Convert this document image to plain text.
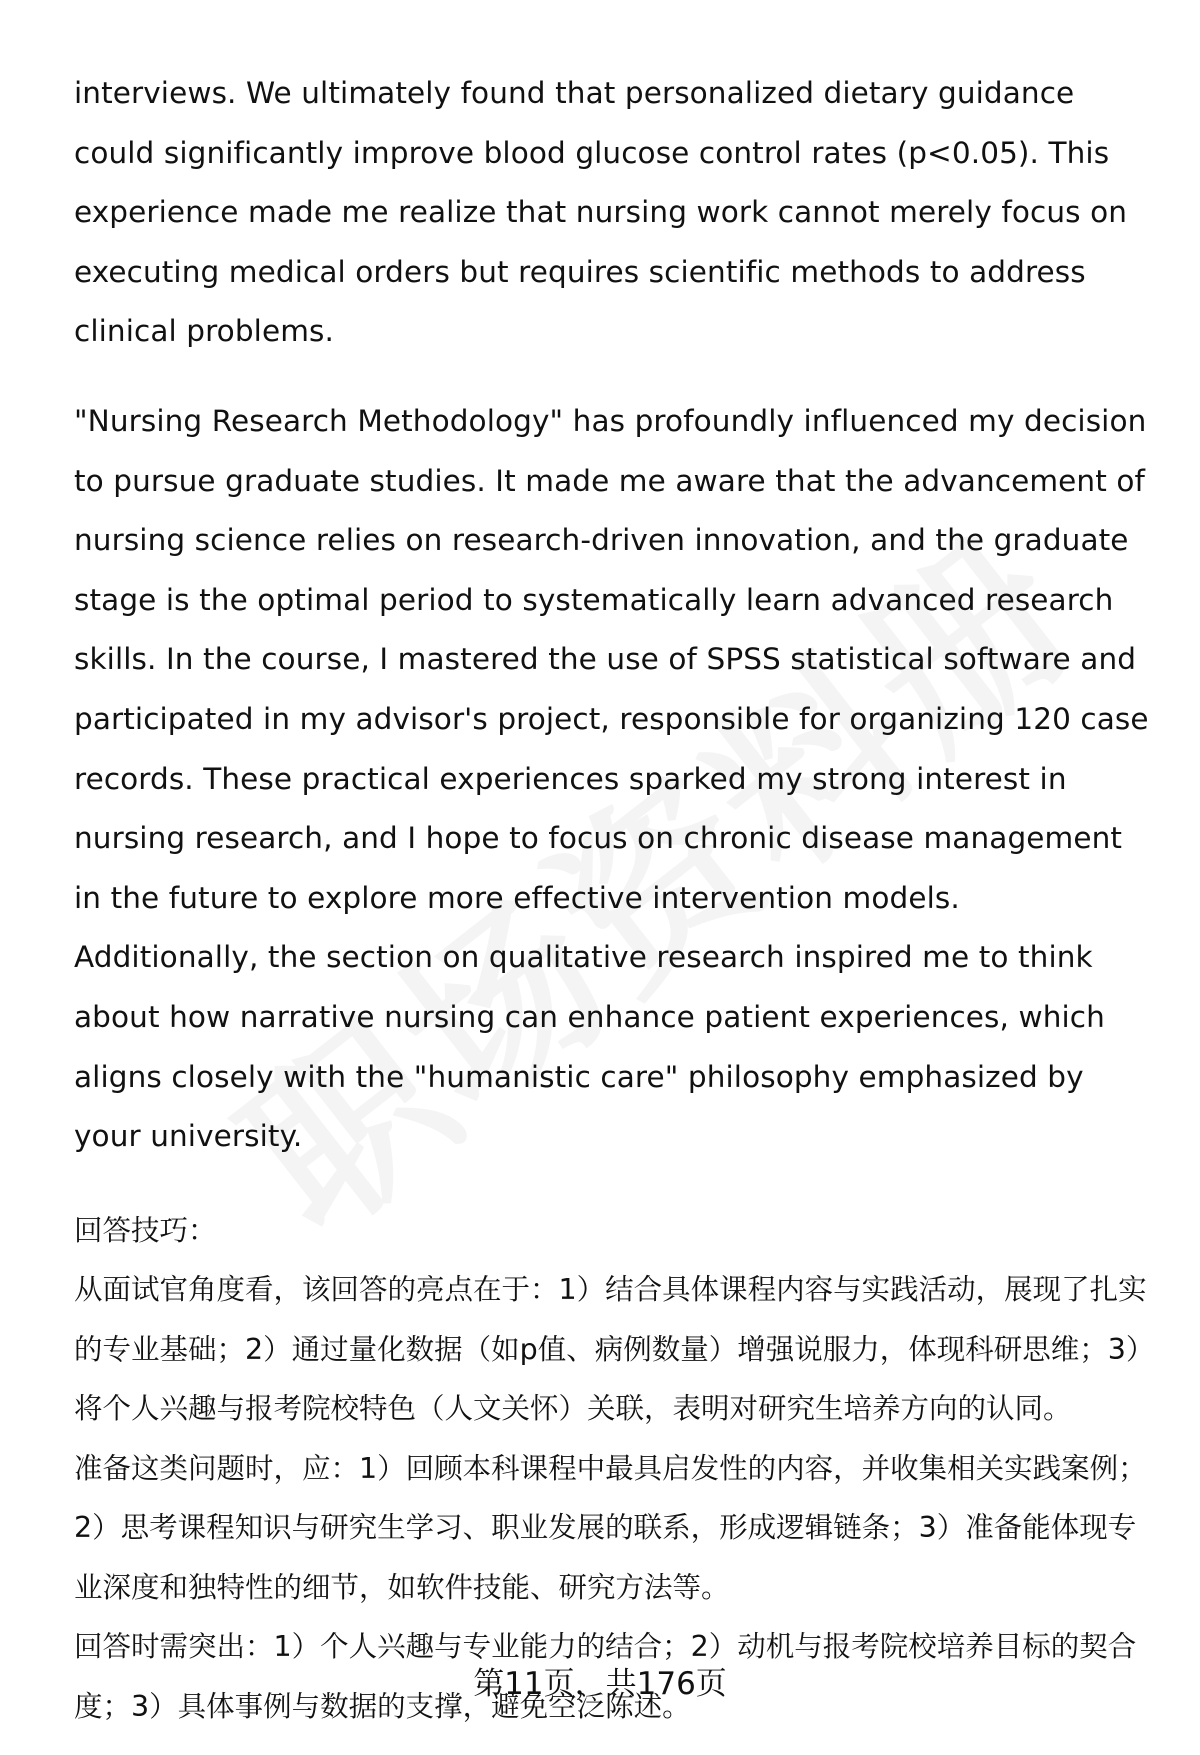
interviews. We ultimately found that personalized dietary guidance could significantly improve blood glucose control rates (p<0.05). This experience made me realize that nursing work cannot merely focus on executing medical orders but requires scientific methods to address clinical problems.

"Nursing Research Methodology" has profoundly influenced my decision to pursue graduate studies. It made me aware that the advancement of nursing science relies on research-driven innovation, and the graduate stage is the optimal period to systematically learn advanced research skills. In the course, I mastered the use of SPSS statistical software and participated in my advisor's project, responsible for organizing 120 case records. These practical experiences sparked my strong interest in nursing research, and I hope to focus on chronic disease management in the future to explore more effective intervention models. Additionally, the section on qualitative research inspired me to think about how narrative nursing can enhance patient experiences, which aligns closely with the "humanistic care" philosophy emphasized by your university.

回答技巧：

从面试官角度看，该回答的亮点在于：1）结合具体课程内容与实践活动，展现了扎实的专业基础；2）通过量化数据（如p值、病例数量）增强说服力，体现科研思维；3）将个人兴趣与报考院校特色（人文关怀）关联，表明对研究生培养方向的认同。

准备这类问题时，应：1）回顾本科课程中最具启发性的内容，并收集相关实践案例；2）思考课程知识与研究生学习、职业发展的联系，形成逻辑链条；3）准备能体现专业深度和独特性的细节，如软件技能、研究方法等。

回答时需突出：1）个人兴趣与专业能力的结合；2）动机与报考院校培养目标的契合度；3）具体事例与数据的支撑，避免空泛陈述。

第11页，共176页
